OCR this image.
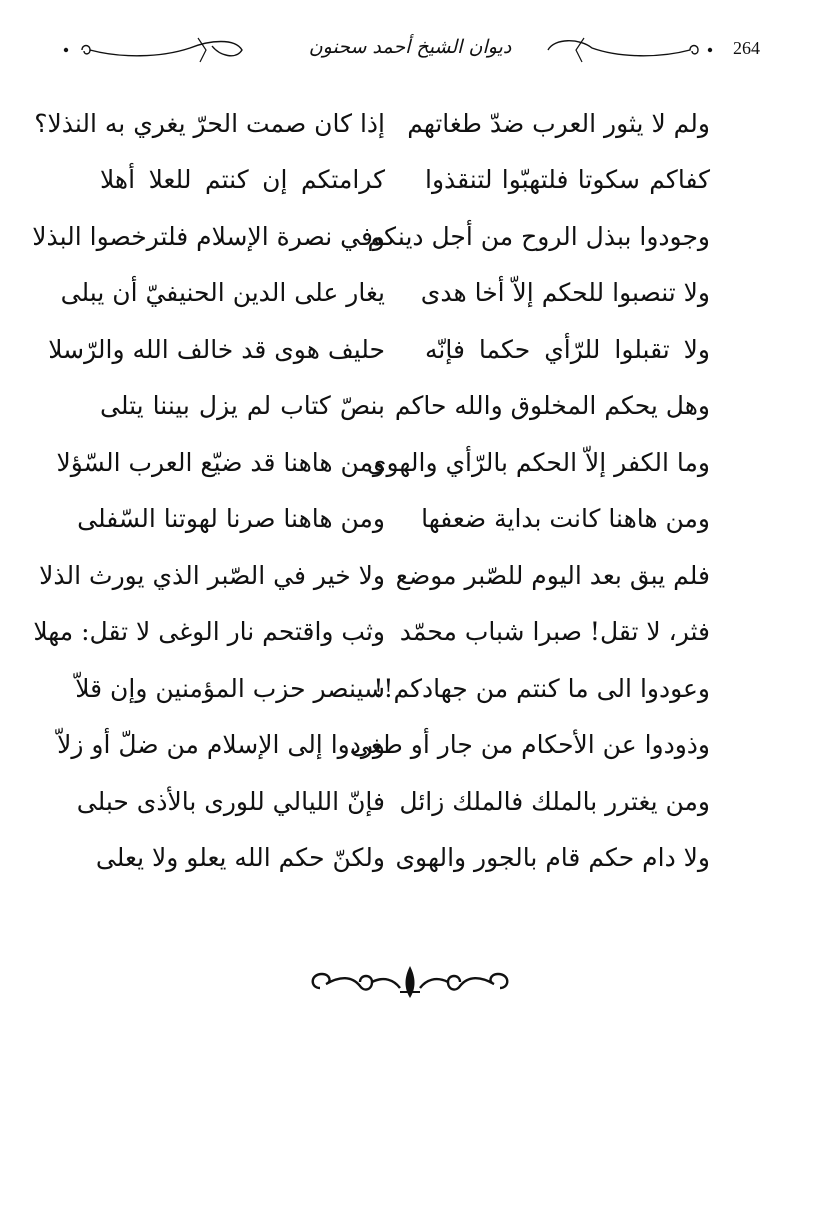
ديوان الشيخ أحمد سحنون	264
ولم لا يثور العرب ضدّ طغاتهم
إذا كان صمت الحرّ يغري به النذلا؟
كفاكم سكوتا فلتهبّوا لتنقذوا
كرامتكم إن كنتم للعلا أهلا
وجودوا ببذل الروح من أجل دينكم
وفي نصرة الإسلام فلترخصوا البذلا
ولا تنصبوا للحكم إلاّ أخا هدى
يغار على الدين الحنيفيّ أن يبلى
ولا تقبلوا للرّأي حكما فإنّه
حليف هوى قد خالف الله والرّسلا
وهل يحكم المخلوق والله حاكم
بنصّ كتاب لم يزل بيننا يتلى
وما الكفر إلاّ الحكم بالرّأي والهوى
ومن هاهنا قد ضيّع العرب السّؤلا
ومن هاهنا كانت بداية ضعفها
ومن هاهنا صرنا لهوتنا السّفلى
فلم يبق بعد اليوم للصّبر موضع
ولا خير في الصّبر الذي يورث الذلا
فثر، لا تقل! صبرا شباب محمّد
وثب واقتحم نار الوغى لا تقل: مهلا
وعودوا الى ما كنتم من جهادكم!!
سينصر حزب المؤمنين وإن قلاّ
وذودوا عن الأحكام من جار أو طغى
وردوا إلى الإسلام من ضلّ أو زلاّ
ومن يغترر بالملك فالملك زائل
فإنّ الليالي للورى بالأذى حبلى
ولا دام حكم قام بالجور والهوى
ولكنّ حكم الله يعلو ولا يعلى
